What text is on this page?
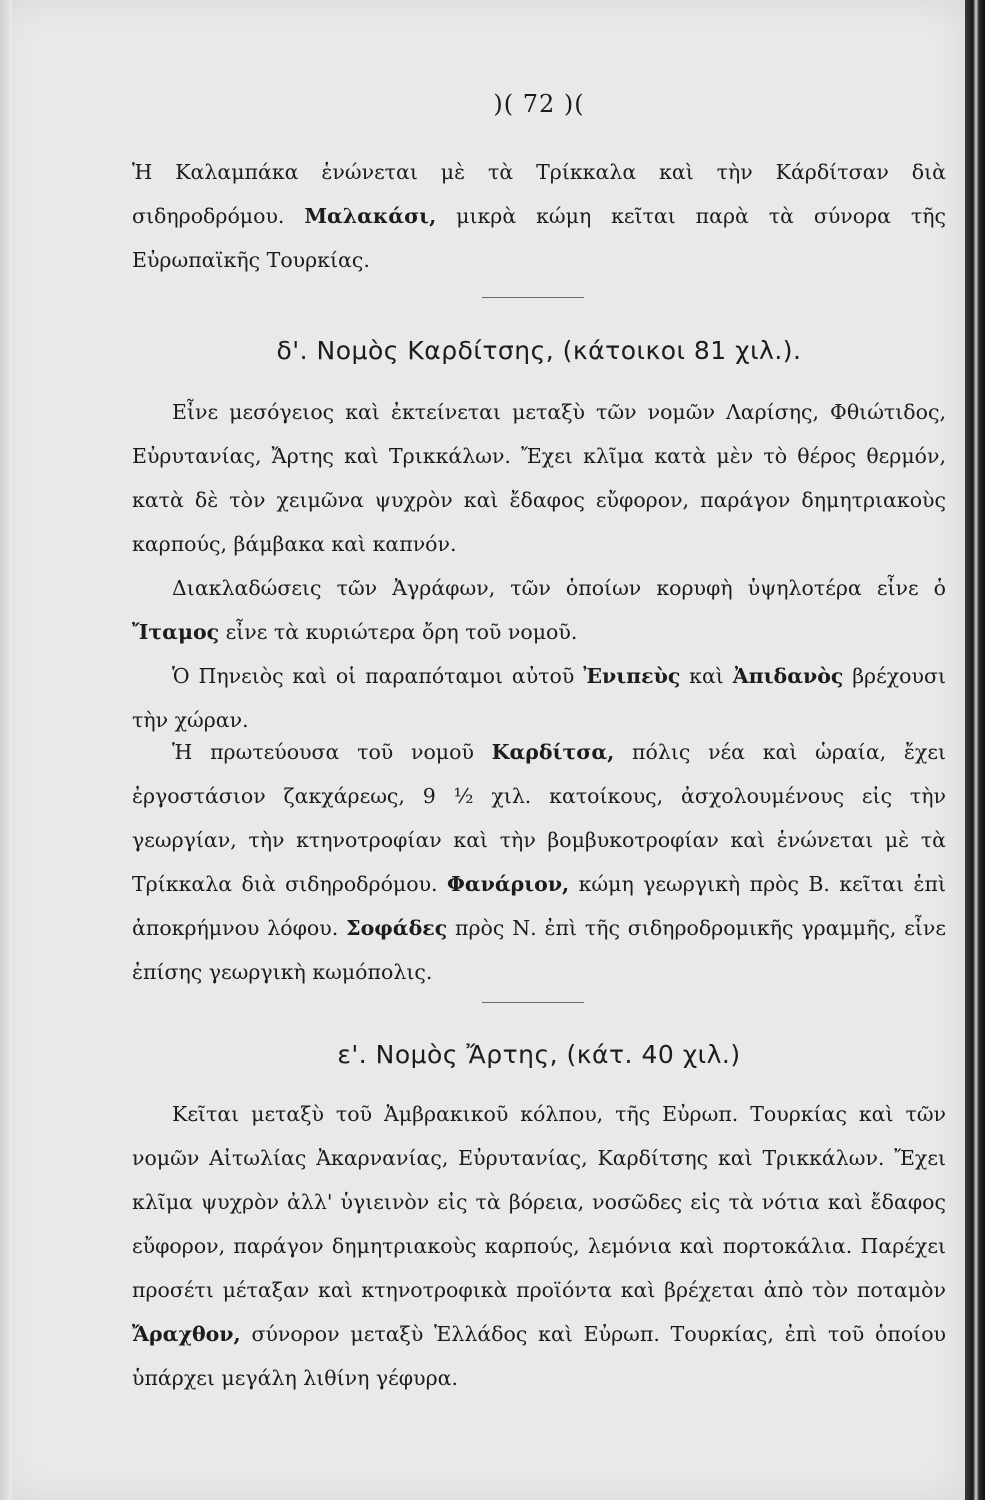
)( 72 )(

Ἡ Καλαμπάκα ἑνώνεται μὲ τὰ Τρίκκαλα καὶ τὴν Κάρδίτσαν διὰ σιδηροδρόμου. Μαλακάσι, μικρὰ κώμη κεῖται παρὰ τὰ σύνορα τῆς Εὐρωπαϊκῆς Τουρκίας.

δ'. Νομὸς Καρδίτσης, (κάτοικοι 81 χιλ.).

Εἶνε μεσόγειος καὶ ἐκτείνεται μεταξὺ τῶν νομῶν Λαρίσης, Φθιώτιδος, Εὐρυτανίας, Ἄρτης καὶ Τρικκάλων. Ἔχει κλῖμα κατὰ μὲν τὸ θέρος θερμόν, κατὰ δὲ τὸν χειμῶνα ψυχρὸν καὶ ἔδαφος εὔφορον, παράγον δημητριακοὺς καρπούς, βάμβακα καὶ καπνόν.

Διακλαδώσεις τῶν Ἀγράφων, τῶν ὁποίων κορυφὴ ὑψηλοτέρα εἶνε ὁ Ἴταμος εἶνε τὰ κυριώτερα ὄρη τοῦ νομοῦ.

Ὁ Πηνειὸς καὶ οἱ παραπόταμοι αὐτοῦ Ἐνιπεὺς καὶ Ἀπιδανὸς βρέχουσι τὴν χώραν.

Ἡ πρωτεύουσα τοῦ νομοῦ Καρδίτσα, πόλις νέα καὶ ὡραία, ἔχει ἐργοστάσιον ζακχάρεως, 9 ½ χιλ. κατοίκους, ἀσχολουμένους εἰς τὴν γεωργίαν, τὴν κτηνοτροφίαν καὶ τὴν βομβυκοτροφίαν καὶ ἑνώνεται μὲ τὰ Τρίκκαλα διὰ σιδηροδρόμου. Φανάριον, κώμη γεωργικὴ πρὸς Β. κεῖται ἐπὶ ἀποκρήμνου λόφου. Σοφάδες πρὸς Ν. ἐπὶ τῆς σιδηροδρομικῆς γραμμῆς, εἶνε ἐπίσης γεωργικὴ κωμόπολις.

ε'. Νομὸς Ἄρτης, (κάτ. 40 χιλ.)

Κεῖται μεταξὺ τοῦ Ἀμβρακικοῦ κόλπου, τῆς Εὐρωπ. Τουρκίας καὶ τῶν νομῶν Αἰτωλίας Ἀκαρνανίας, Εὐρυτανίας, Καρδίτσης καὶ Τρικκάλων. Ἔχει κλῖμα ψυχρὸν ἀλλ' ὑγιεινὸν εἰς τὰ βόρεια, νοσῶδες εἰς τὰ νότια καὶ ἔδαφος εὔφορον, παράγον δημητριακοὺς καρπούς, λεμόνια καὶ πορτοκάλια. Παρέχει προσέτι μέταξαν καὶ κτηνοτροφικὰ προϊόντα καὶ βρέχεται ἀπὸ τὸν ποταμὸν Ἄραχθον, σύνορον μεταξὺ Ἑλλάδος καὶ Εὐρωπ. Τουρκίας, ἐπὶ τοῦ ὁποίου ὑπάρχει μεγάλη λιθίνη γέφυρα.
